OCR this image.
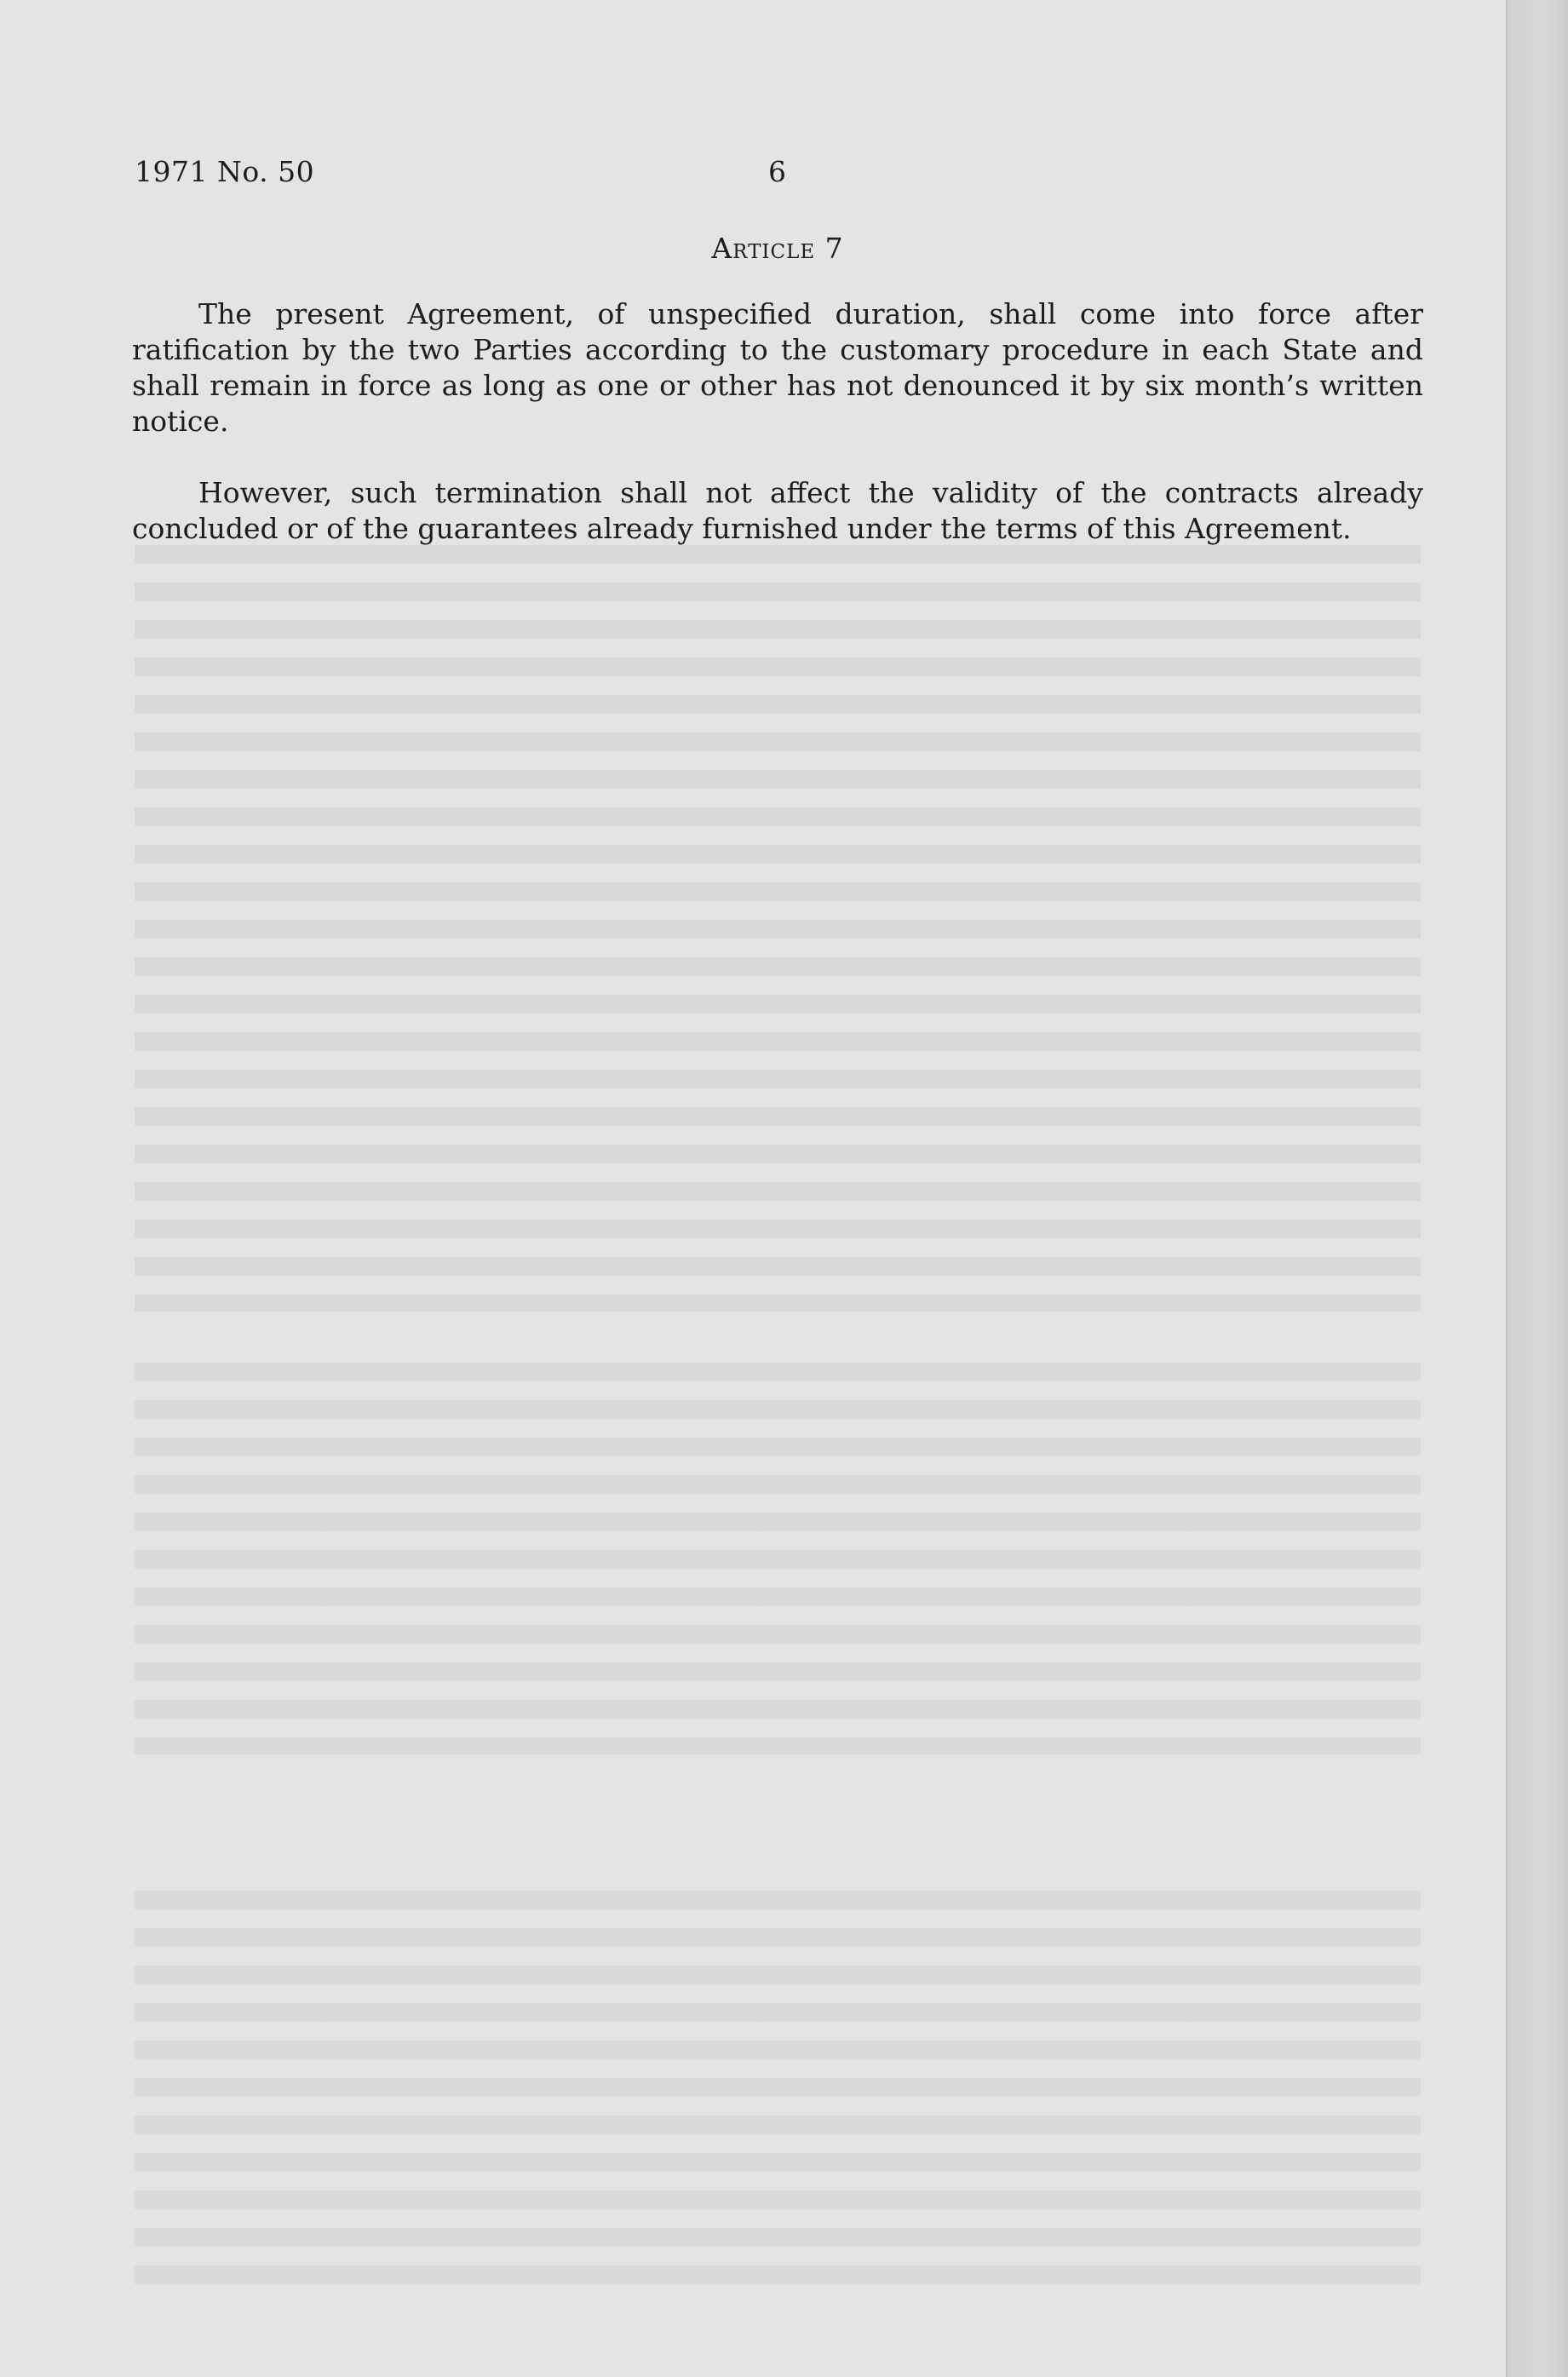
1971 No. 50	6
Article 7

The present Agreement, of unspecified duration, shall come into force after ratification by the two Parties according to the customary procedure in each State and shall remain in force as long as one or other has not denounced it by six month’s written notice.

However, such termination shall not affect the validity of the contracts already concluded or of the guarantees already furnished under the terms of this Agreement.
